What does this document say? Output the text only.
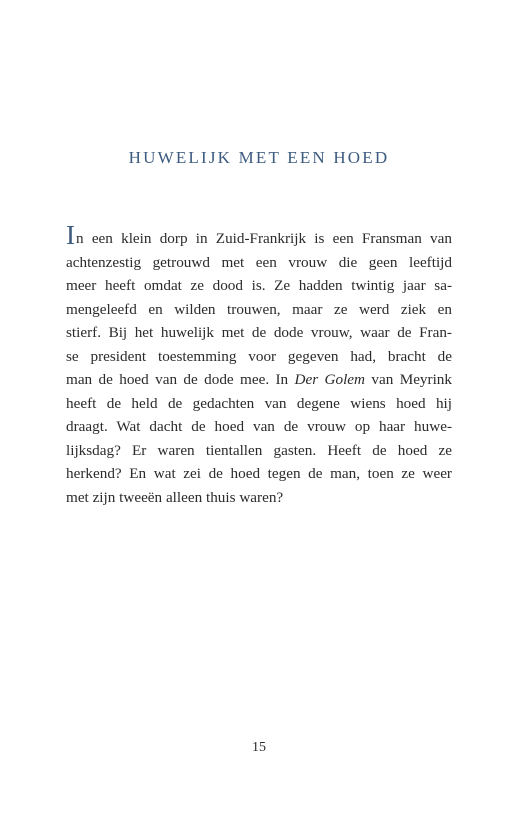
HUWELIJK MET EEN HOED
In een klein dorp in Zuid-Frankrijk is een Fransman van
achtenzestig getrouwd met een vrouw die geen leeftijd
meer heeft omdat ze dood is. Ze hadden twintig jaar sa-
mengeleefd en wilden trouwen, maar ze werd ziek en
stierf. Bij het huwelijk met de dode vrouw, waar de Fran-
se president toestemming voor gegeven had, bracht de
man de hoed van de dode mee. In Der Golem van Meyrink
heeft de held de gedachten van degene wiens hoed hij
draagt. Wat dacht de hoed van de vrouw op haar huwe-
lijksdag? Er waren tientallen gasten. Heeft de hoed ze
herkend? En wat zei de hoed tegen de man, toen ze weer
met zijn tweeën alleen thuis waren?
15
